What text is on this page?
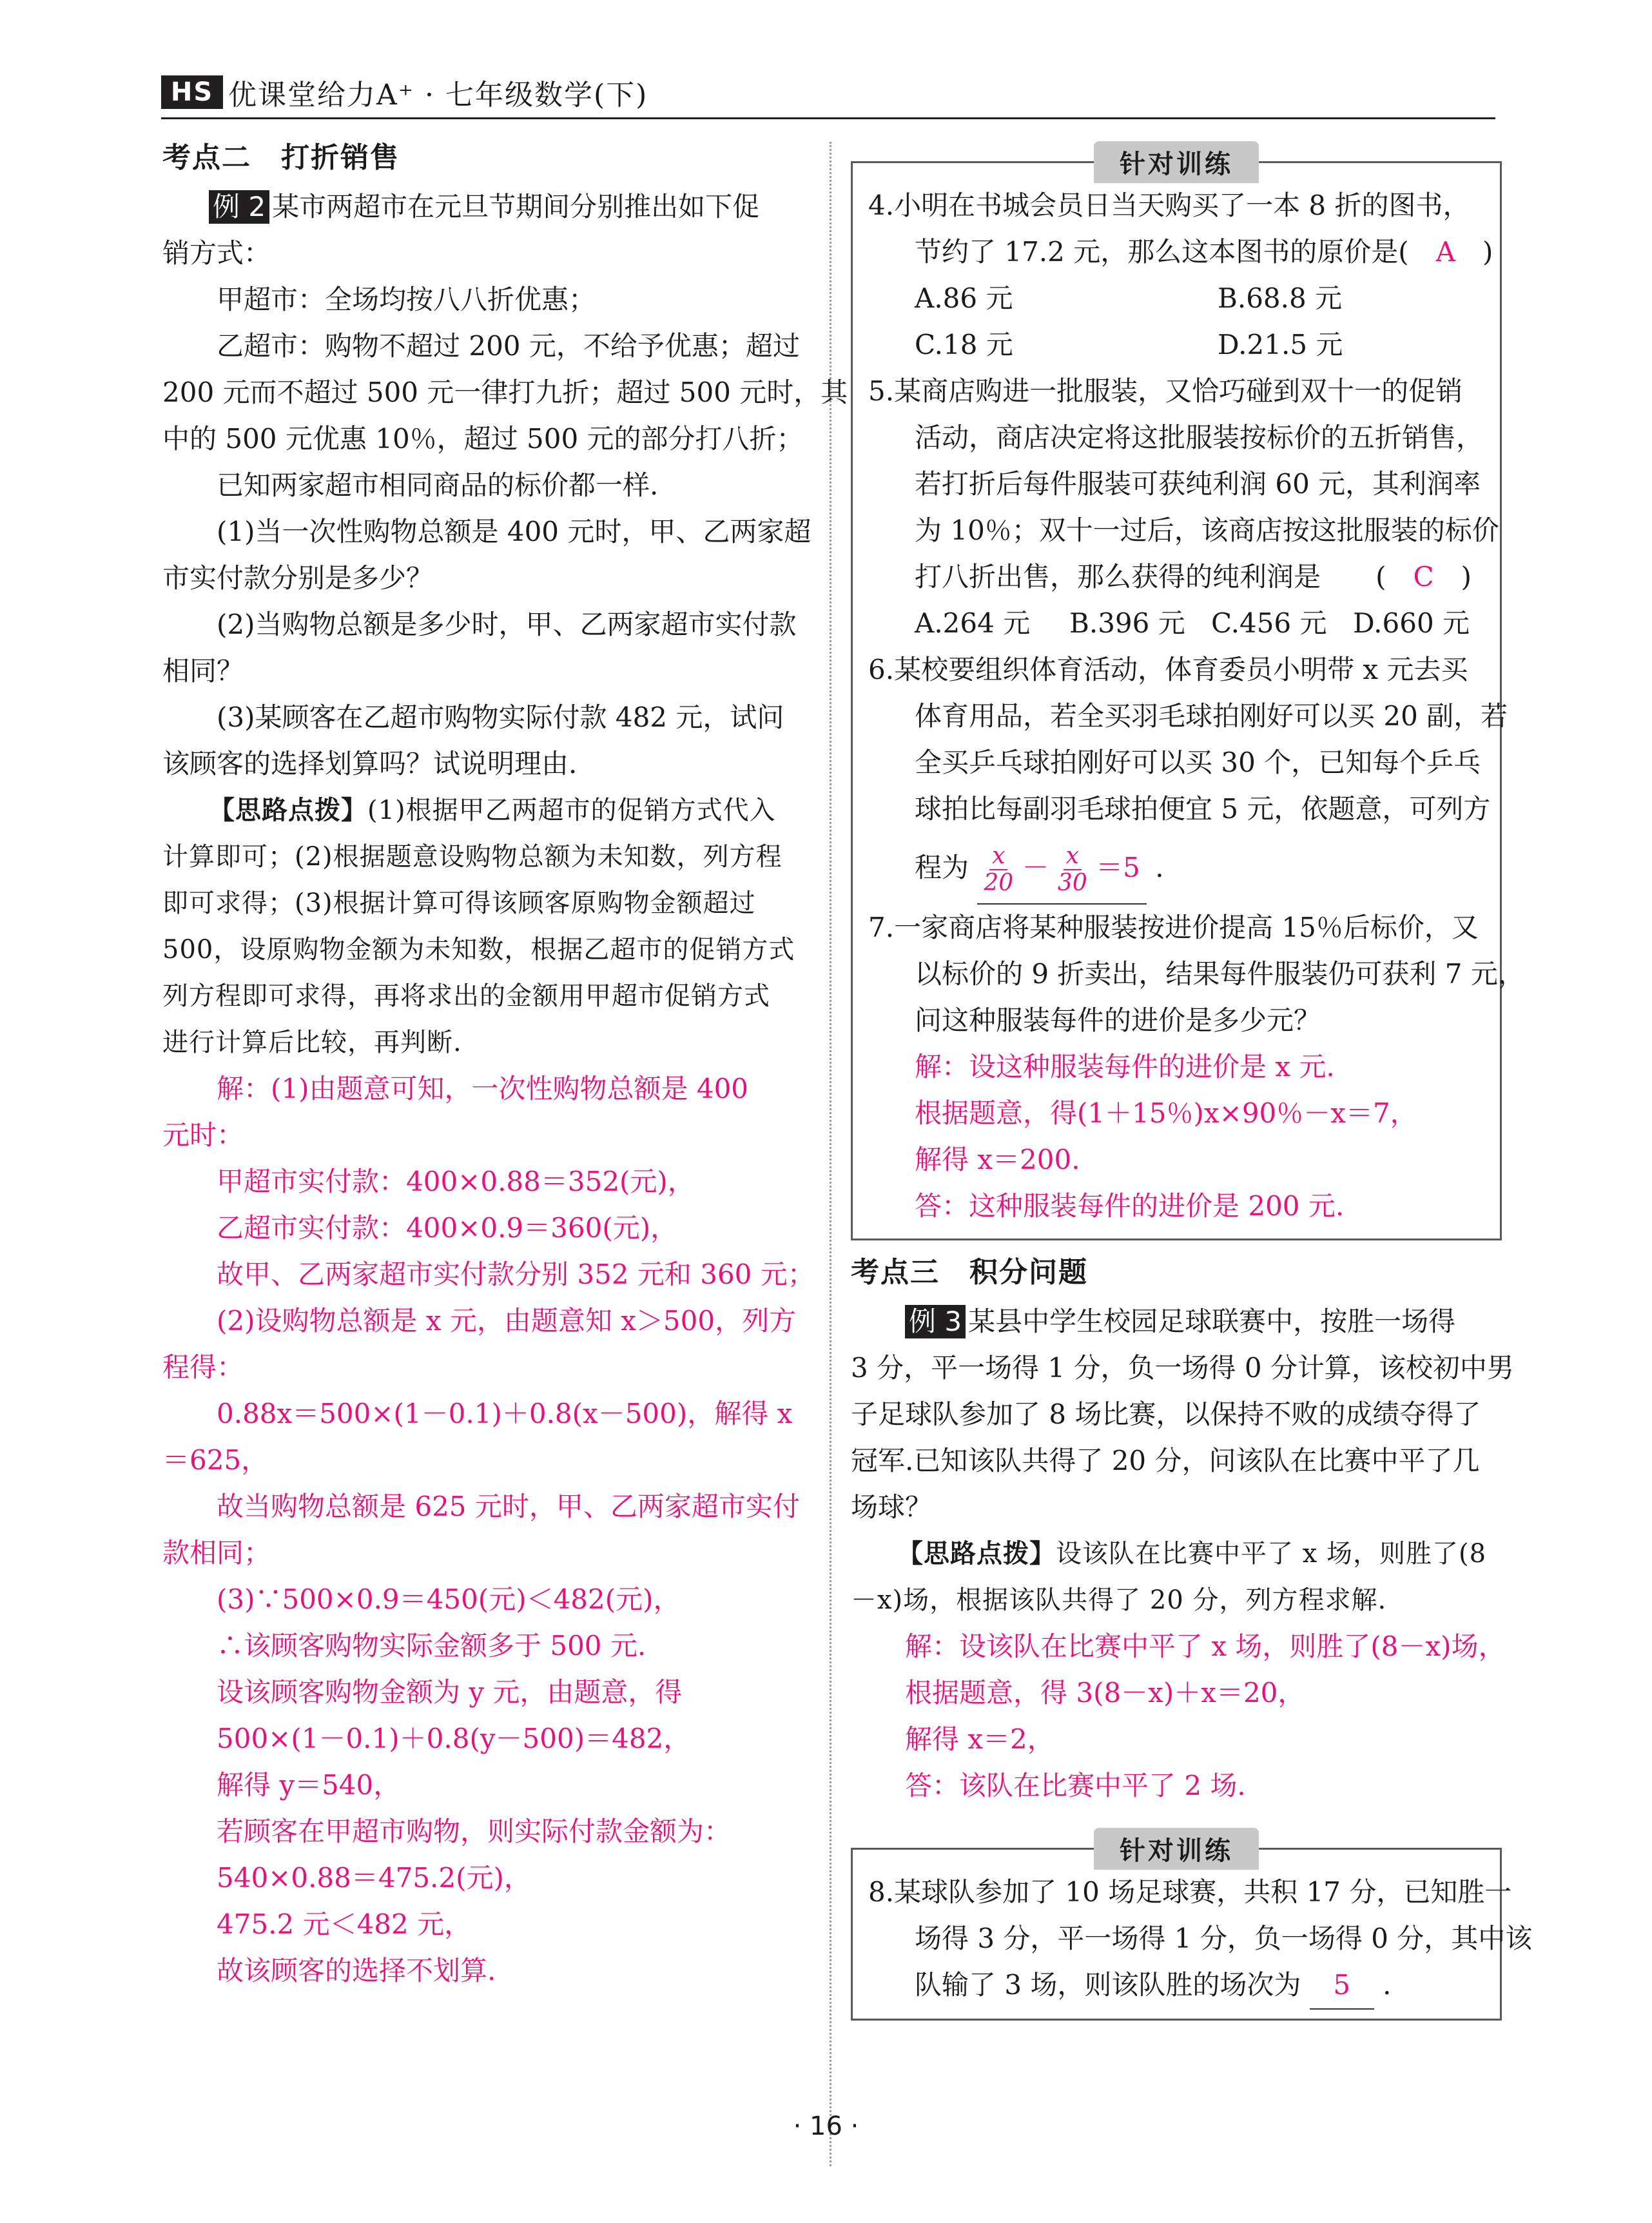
HS 优课堂给力A⁺ · 七年级数学(下)
考点二　打折销售
例 2 某市两超市在元旦节期间分别推出如下促
销方式：
甲超市：全场均按八八折优惠；
乙超市：购物不超过 200 元，不给予优惠；超过
200 元而不超过 500 元一律打九折；超过 500 元时，其
中的 500 元优惠 10％，超过 500 元的部分打八折；
已知两家超市相同商品的标价都一样.
(1)当一次性购物总额是 400 元时，甲、乙两家超
市实付款分别是多少？
(2)当购物总额是多少时，甲、乙两家超市实付款
相同？
(3)某顾客在乙超市购物实际付款 482 元，试问
该顾客的选择划算吗？试说明理由.
【思路点拨】(1)根据甲乙两超市的促销方式代入
计算即可；(2)根据题意设购物总额为未知数，列方程
即可求得；(3)根据计算可得该顾客原购物金额超过
500，设原购物金额为未知数，根据乙超市的促销方式
列方程即可求得，再将求出的金额用甲超市促销方式
进行计算后比较，再判断.
解：(1)由题意可知，一次性购物总额是 400
元时：
甲超市实付款：400×0.88＝352(元)，
乙超市实付款：400×0.9＝360(元)，
故甲、乙两家超市实付款分别 352 元和 360 元；
(2)设购物总额是 x 元，由题意知 x＞500，列方
程得：
0.88x＝500×(1－0.1)＋0.8(x－500)，解得 x
＝625，
故当购物总额是 625 元时，甲、乙两家超市实付
款相同；
(3)∵500×0.9＝450(元)＜482(元)，
∴该顾客购物实际金额多于 500 元.
设该顾客购物金额为 y 元，由题意，得
500×(1－0.1)＋0.8(y－500)＝482，
解得 y＝540，
若顾客在甲超市购物，则实际付款金额为：
540×0.88＝475.2(元)，
475.2 元＜482 元，
故该顾客的选择不划算.
针对训练
4.小明在书城会员日当天购买了一本 8 折的图书，
节约了 17.2 元，那么这本图书的原价是 (　A　)
A.86 元	B.68.8 元
C.18 元	D.21.5 元
5.某商店购进一批服装，又恰巧碰到双十一的促销
活动，商店决定将这批服装按标价的五折销售，
若打折后每件服装可获纯利润 60 元，其利润率
为 10％；双十一过后，该商店按这批服装的标价
打八折出售，那么获得的纯利润是 (　C　)
A.264 元	B.396 元 C.456 元 D.660 元
6.某校要组织体育活动，体育委员小明带 x 元去买
体育用品，若全买羽毛球拍刚好可以买 20 副，若
全买乒乓球拍刚好可以买 30 个，已知每个乒乓
球拍比每副羽毛球拍便宜 5 元，依题意，可列方
程为 $\frac{x}{20} - \frac{x}{30} =5$ .
7.一家商店将某种服装按进价提高 15％后标价，又
以标价的 9 折卖出，结果每件服装仍可获利 7 元，
问这种服装每件的进价是多少元？
解：设这种服装每件的进价是 x 元.
根据题意，得(1＋15％)x×90％－x＝7，
解得 x＝200.
答：这种服装每件的进价是 200 元.
考点三　积分问题
例 3 某县中学生校园足球联赛中，按胜一场得
3 分，平一场得 1 分，负一场得 0 分计算，该校初中男
子足球队参加了 8 场比赛，以保持不败的成绩夺得了
冠军.已知该队共得了 20 分，问该队在比赛中平了几
场球？
【思路点拨】设该队在比赛中平了 x 场，则胜了(8
－x)场，根据该队共得了 20 分，列方程求解.
解：设该队在比赛中平了 x 场，则胜了(8－x)场，
根据题意，得 3(8－x)＋x＝20，
解得 x＝2，
答：该队在比赛中平了 2 场.
针对训练
8.某球队参加了 10 场足球赛，共积 17 分，已知胜一
场得 3 分，平一场得 1 分，负一场得 0 分，其中该
队输了 3 场，则该队胜的场次为 5 .
· 16 ·
